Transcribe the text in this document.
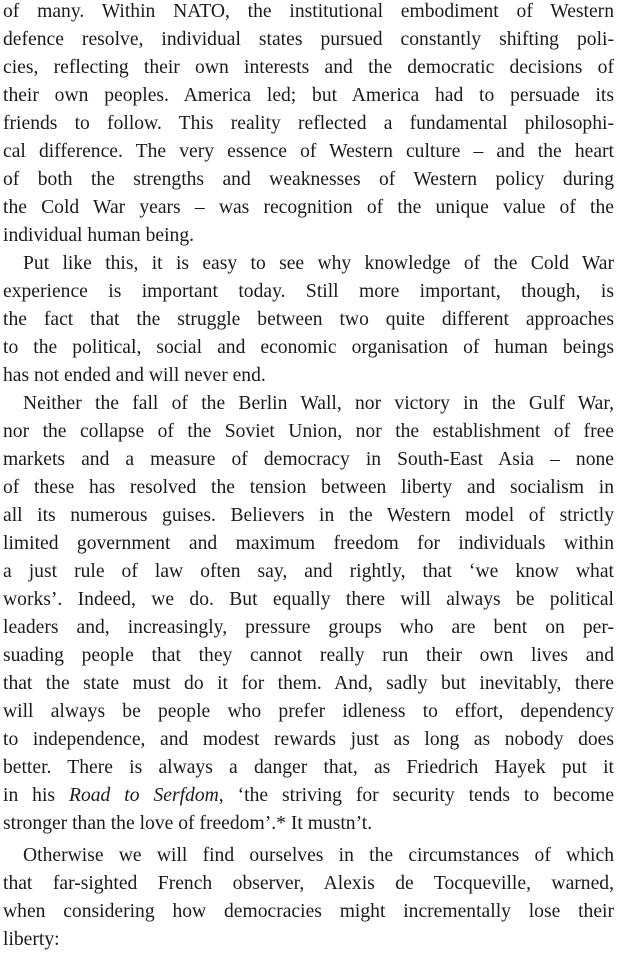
of many. Within NATO, the institutional embodiment of Western
defence resolve, individual states pursued constantly shifting poli-
cies, reflecting their own interests and the democratic decisions of
their own peoples. America led; but America had to persuade its
friends to follow. This reality reflected a fundamental philosophi-
cal difference. The very essence of Western culture – and the heart
of both the strengths and weaknesses of Western policy during
the Cold War years – was recognition of the unique value of the
individual human being.
Put like this, it is easy to see why knowledge of the Cold War
experience is important today. Still more important, though, is
the fact that the struggle between two quite different approaches
to the political, social and economic organisation of human beings
has not ended and will never end.
Neither the fall of the Berlin Wall, nor victory in the Gulf War,
nor the collapse of the Soviet Union, nor the establishment of free
markets and a measure of democracy in South-East Asia – none
of these has resolved the tension between liberty and socialism in
all its numerous guises. Believers in the Western model of strictly
limited government and maximum freedom for individuals within
a just rule of law often say, and rightly, that ‘we know what
works’. Indeed, we do. But equally there will always be political
leaders and, increasingly, pressure groups who are bent on per-
suading people that they cannot really run their own lives and
that the state must do it for them. And, sadly but inevitably, there
will always be people who prefer idleness to effort, dependency
to independence, and modest rewards just as long as nobody does
better. There is always a danger that, as Friedrich Hayek put it
in his Road to Serfdom, ‘the striving for security tends to become
stronger than the love of freedom’.* It mustn’t.
Otherwise we will find ourselves in the circumstances of which
that far-sighted French observer, Alexis de Tocqueville, warned,
when considering how democracies might incrementally lose their
liberty:
